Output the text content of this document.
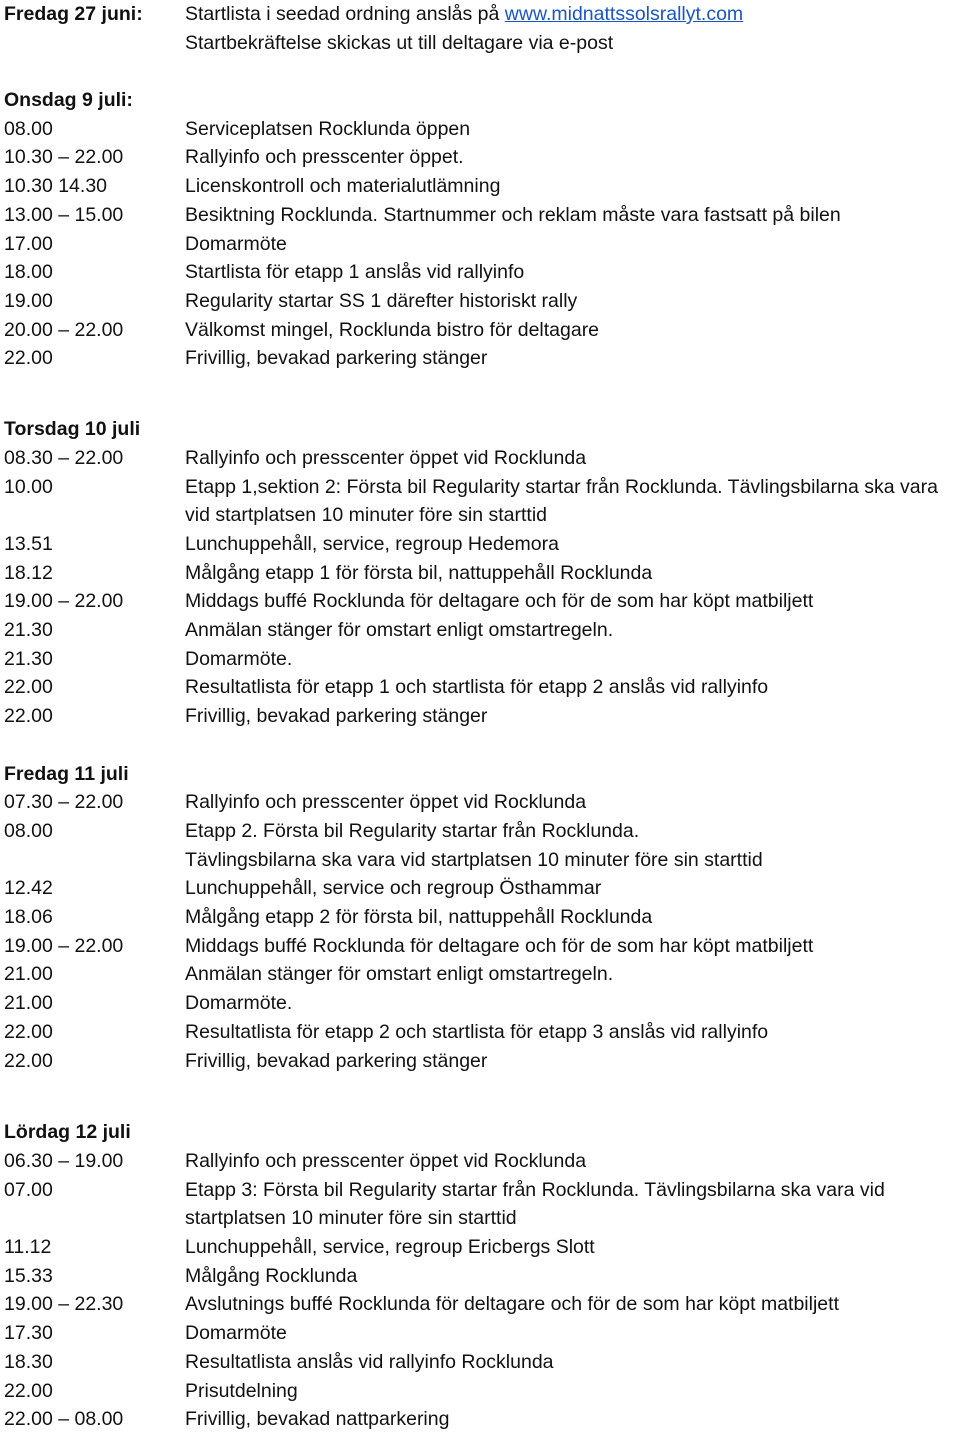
Fredag 27 juni:	Startlista i seedad ordning anslås på www.midnattssolsrallyt.com
Startbekräftelse skickas ut till deltagare via e-post
Onsdag 9 juli:
08.00	Serviceplatsen Rocklunda öppen
10.30 – 22.00	Rallyinfo och presscenter öppet.
10.30 14.30	Licenskontroll och materialutlämning
13.00 – 15.00	Besiktning Rocklunda. Startnummer och reklam måste vara fastsatt på bilen
17.00	Domarmöte
18.00	Startlista för etapp 1 anslås vid rallyinfo
19.00	Regularity startar SS 1 därefter historiskt rally
20.00 – 22.00	Välkomst mingel, Rocklunda bistro för deltagare
22.00	Frivillig, bevakad parkering stänger
Torsdag 10 juli
08.30 – 22.00	Rallyinfo och presscenter öppet vid Rocklunda
10.00	Etapp 1,sektion 2: Första bil Regularity startar från Rocklunda. Tävlingsbilarna ska vara vid startplatsen 10 minuter före sin starttid
13.51	Lunchuppehåll, service, regroup Hedemora
18.12	Målgång etapp 1 för första bil, nattuppehåll Rocklunda
19.00 – 22.00	Middags buffé Rocklunda för deltagare och för de som har köpt matbiljett
21.30	Anmälan stänger för omstart enligt omstartregeln.
21.30	Domarmöte.
22.00	Resultatlista för etapp 1 och startlista för etapp 2 anslås vid rallyinfo
22.00	Frivillig, bevakad parkering stänger
Fredag 11 juli
07.30 – 22.00	Rallyinfo och presscenter öppet vid Rocklunda
08.00	Etapp 2. Första bil Regularity startar från Rocklunda.
Tävlingsbilarna ska vara vid startplatsen 10 minuter före sin starttid
12.42	Lunchuppehåll, service och regroup Östhammar
18.06	Målgång etapp 2 för första bil, nattuppehåll Rocklunda
19.00 – 22.00	Middags buffé Rocklunda för deltagare och för de som har köpt matbiljett
21.00	Anmälan stänger för omstart enligt omstartregeln.
21.00	Domarmöte.
22.00	Resultatlista för etapp 2 och startlista för etapp 3 anslås vid rallyinfo
22.00	Frivillig, bevakad parkering stänger
Lördag 12 juli
06.30 – 19.00	Rallyinfo och presscenter öppet vid Rocklunda
07.00	Etapp 3: Första bil Regularity startar från Rocklunda. Tävlingsbilarna ska vara vid startplatsen 10 minuter före sin starttid
11.12	Lunchuppehåll, service, regroup Ericbergs Slott
15.33	Målgång Rocklunda
19.00 – 22.30	Avslutnings buffé Rocklunda för deltagare och för de som har köpt matbiljett
17.30	Domarmöte
18.30	Resultatlista anslås vid rallyinfo Rocklunda
22.00	Prisutdelning
22.00 – 08.00	Frivillig, bevakad nattparkering
